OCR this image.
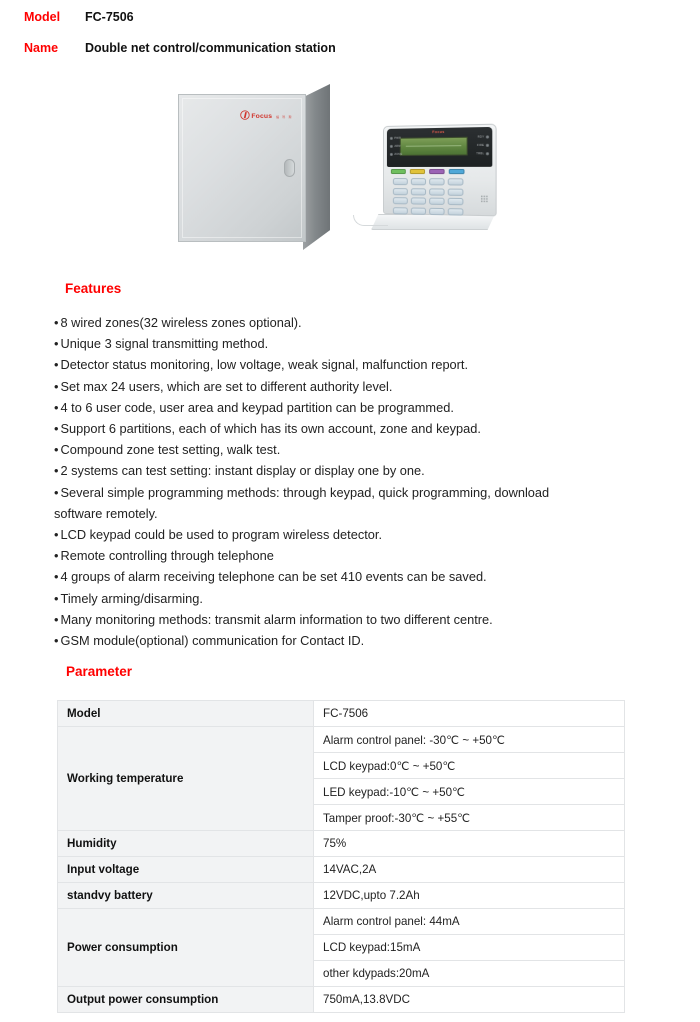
Model	FC-7506
Name	Double net control/communication station
Focus 福 科 斯
Focus
PWR
ARM
ZONE
RDY
FIRE
TRBL
Features
• 8 wired zones(32 wireless zones optional).
• Unique 3 signal transmitting method.
• Detector status monitoring, low voltage, weak signal, malfunction report.
• Set max 24 users, which are set to different authority level.
• 4 to 6 user code, user area and keypad partition can be programmed.
• Support 6 partitions, each of which has its own account, zone and keypad.
• Compound zone test setting, walk test.
• 2 systems can test setting: instant display or display one by one.
• Several simple programming methods: through keypad, quick programming, download
software remotely.
• LCD keypad could be used to program wireless detector.
• Remote controlling through telephone
• 4 groups of alarm receiving telephone can be set 410 events can be saved.
• Timely arming/disarming.
• Many monitoring methods: transmit alarm information to two different centre.
• GSM module(optional) communication for Contact ID.
Parameter
Model	FC-7506
Working temperature	Alarm control panel: -30℃ ~ +50℃
	LCD keypad:0℃ ~ +50℃
	LED keypad:-10℃ ~ +50℃
	Tamper proof:-30℃ ~ +55℃
Humidity	75%
Input voltage	14VAC,2A
standvy battery	12VDC,upto 7.2Ah
Power consumption	Alarm control panel: 44mA
	LCD keypad:15mA
	other kdypads:20mA
Output power consumption	750mA,13.8VDC
